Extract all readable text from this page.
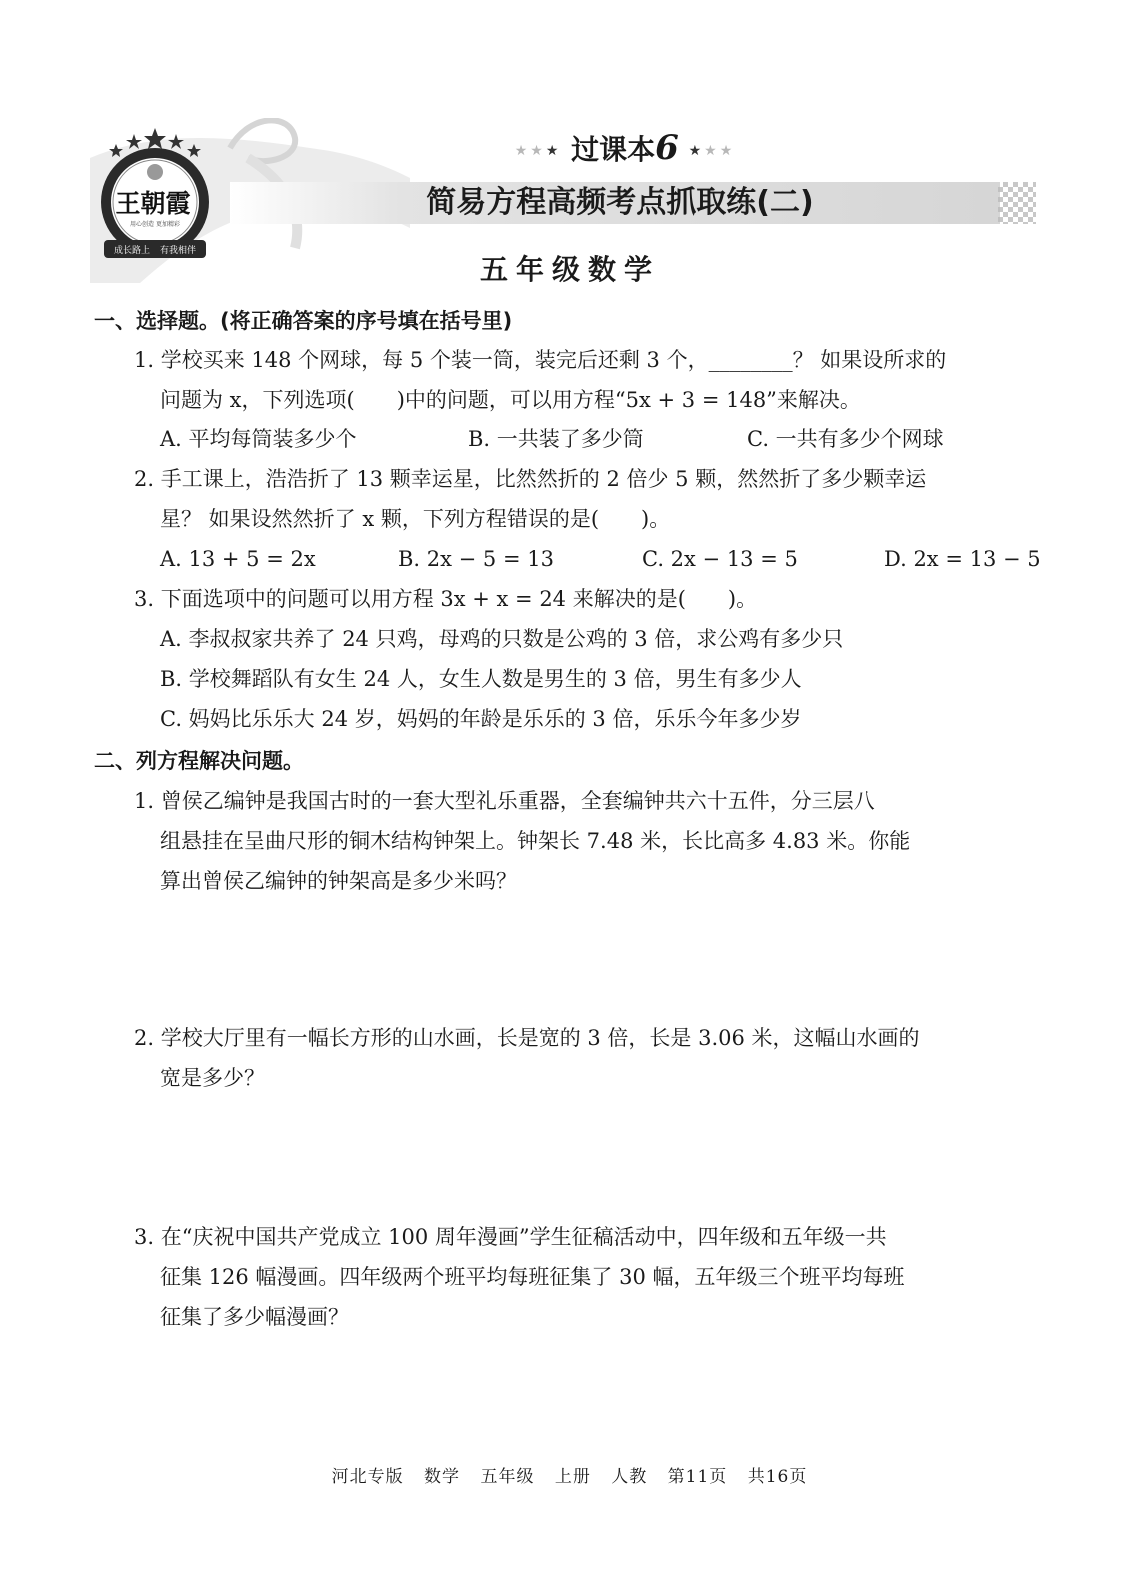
王朝霞
用心创造 更加精彩
成长路上 有我相伴
★★★ 过课本6 ★★★
简易方程高频考点抓取练(二)
五年级数学
一、选择题。(将正确答案的序号填在括号里)
1. 学校买来 148 个网球，每 5 个装一筒，装完后还剩 3 个，________？ 如果设所求的
问题为 x，下列选项(　　)中的问题，可以用方程“5x + 3 = 148”来解决。
A. 平均每筒装多少个	B. 一共装了多少筒	C. 一共有多少个网球
2. 手工课上，浩浩折了 13 颗幸运星，比然然折的 2 倍少 5 颗，然然折了多少颗幸运
星？ 如果设然然折了 x 颗，下列方程错误的是(　　)。
A. 13 + 5 = 2x	B. 2x − 5 = 13	C. 2x − 13 = 5	D. 2x = 13 − 5
3. 下面选项中的问题可以用方程 3x + x = 24 来解决的是(　　)。
A. 李叔叔家共养了 24 只鸡，母鸡的只数是公鸡的 3 倍，求公鸡有多少只
B. 学校舞蹈队有女生 24 人，女生人数是男生的 3 倍，男生有多少人
C. 妈妈比乐乐大 24 岁，妈妈的年龄是乐乐的 3 倍，乐乐今年多少岁
二、列方程解决问题。
1. 曾侯乙编钟是我国古时的一套大型礼乐重器，全套编钟共六十五件，分三层八
组悬挂在呈曲尺形的铜木结构钟架上。钟架长 7.48 米，长比高多 4.83 米。你能
算出曾侯乙编钟的钟架高是多少米吗？
2. 学校大厅里有一幅长方形的山水画，长是宽的 3 倍，长是 3.06 米，这幅山水画的
宽是多少？
3. 在“庆祝中国共产党成立 100 周年漫画”学生征稿活动中，四年级和五年级一共
征集 126 幅漫画。四年级两个班平均每班征集了 30 幅，五年级三个班平均每班
征集了多少幅漫画？
河北专版 数学 五年级 上册 人教 第11页 共16页
